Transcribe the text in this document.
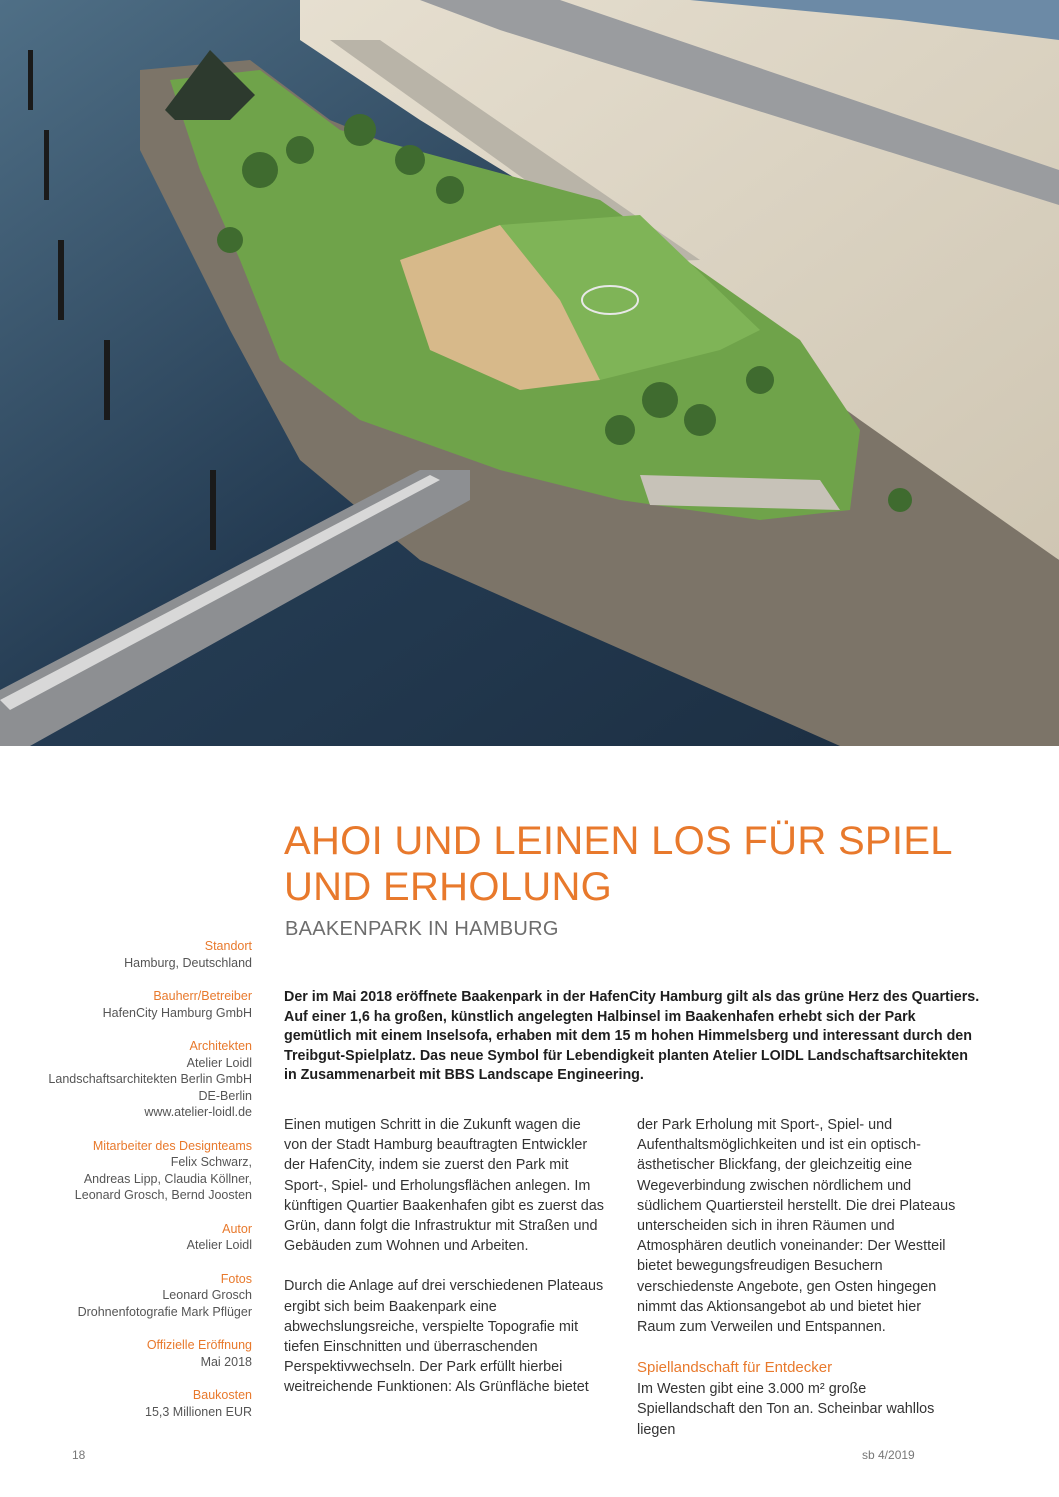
AHOI UND LEINEN LOS FÜR SPIEL
UND ERHOLUNG
BAAKENPARK IN HAMBURG
Standort
Hamburg, Deutschland
Bauherr/Betreiber
HafenCity Hamburg GmbH
Architekten
Atelier Loidl
Landschaftsarchitekten Berlin GmbH
DE-Berlin
www.atelier-loidl.de
Mitarbeiter des Designteams
Felix Schwarz,
Andreas Lipp, Claudia Köllner,
Leonard Grosch, Bernd Joosten
Autor
Atelier Loidl
Fotos
Leonard Grosch
Drohnenfotografie Mark Pflüger
Offizielle Eröffnung
Mai 2018
Baukosten
15,3 Millionen EUR
Der im Mai 2018 eröffnete Baakenpark in der HafenCity Hamburg gilt als das grüne Herz des Quartiers. Auf einer 1,6 ha großen, künstlich angelegten Halbinsel im Baakenhafen erhebt sich der Park gemütlich mit einem Inselsofa, erhaben mit dem 15 m hohen Himmelsberg und interessant durch den Treibgut-Spielplatz. Das neue Symbol für Lebendigkeit planten Atelier LOIDL Landschaftsarchitekten in Zusammenarbeit mit BBS Landscape Engineering.

Einen mutigen Schritt in die Zukunft wagen die von der Stadt Hamburg beauftragten Entwickler der HafenCity, indem sie zuerst den Park mit Sport-, Spiel- und Erholungsflächen anlegen. Im künftigen Quartier Baakenhafen gibt es zuerst das Grün, dann folgt die Infrastruktur mit Straßen und Gebäuden zum Wohnen und Arbeiten.

Durch die Anlage auf drei verschiedenen Plateaus ergibt sich beim Baakenpark eine abwechslungsreiche, verspielte Topografie mit tiefen Einschnitten und überraschenden Perspektivwechseln. Der Park erfüllt hierbei weitreichende Funktionen: Als Grünfläche bietet

der Park Erholung mit Sport-, Spiel- und Aufenthaltsmöglichkeiten und ist ein optisch-ästhetischer Blickfang, der gleichzeitig eine Wegeverbindung zwischen nördlichem und südlichem Quartiersteil herstellt. Die drei Plateaus unterscheiden sich in ihren Räumen und Atmosphären deutlich voneinander: Der Westteil bietet bewegungsfreudigen Besuchern verschiedenste Angebote, gen Osten hingegen nimmt das Aktionsangebot ab und bietet hier Raum zum Verweilen und Entspannen.

Spiellandschaft für Entdecker

Im Westen gibt eine 3.000 m² große Spiellandschaft den Ton an. Scheinbar wahllos liegen

18	sb 4/2019
